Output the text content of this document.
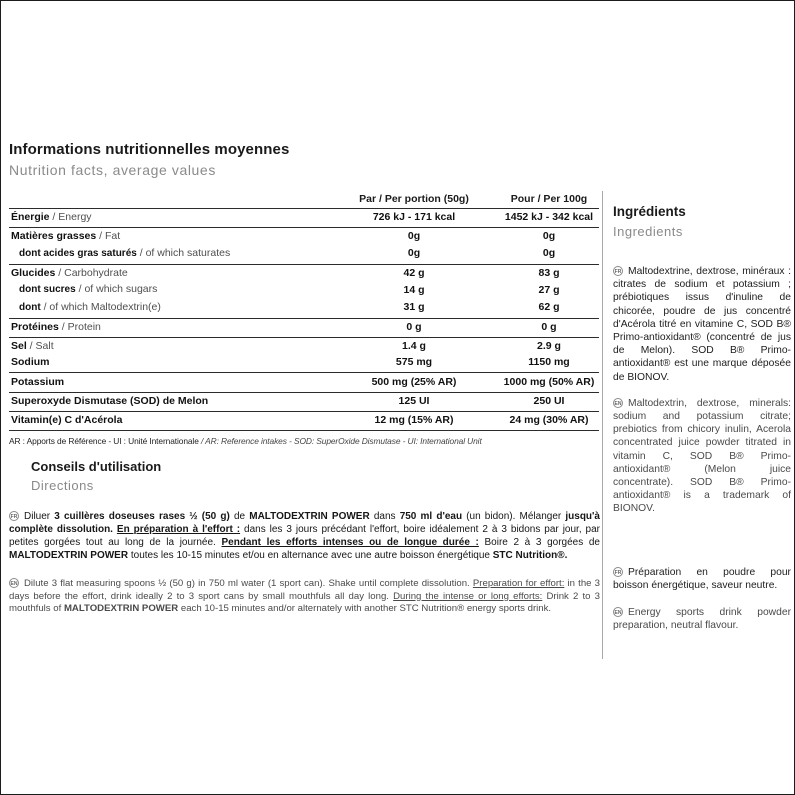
Informations nutritionnelles moyennes
Nutrition facts, average values
Par / Per portion (50g)	Pour / Per 100g
Énergie / Energy	726 kJ - 171 kcal	1452 kJ - 342 kcal
Matières grasses / Fat	0g	0g
dont acides gras saturés / of which saturates	0g	0g
Glucides / Carbohydrate	42 g	83 g
dont sucres / of which sugars	14 g	27 g
dont / of which Maltodextrin(e)	31 g	62 g
Protéines / Protein	0 g	0 g
Sel / Salt	1.4 g	2.9 g
Sodium	575 mg	1150 mg
Potassium	500 mg (25% AR)	1000 mg (50% AR)
Superoxyde Dismutase (SOD) de Melon	125 UI	250 UI
Vitamin(e) C d'Acérola	12 mg (15% AR)	24 mg (30% AR)
AR : Apports de Référence - UI : Unité Internationale / AR: Reference intakes - SOD: SuperOxide Dismutase - UI: International Unit
Conseils d'utilisation
Directions

FR Diluer 3 cuillères doseuses rases ½ (50 g) de MALTODEXTRIN POWER dans 750 ml d'eau (un bidon). Mélanger jusqu'à complète dissolution. En préparation à l'effort : dans les 3 jours précédant l'effort, boire idéalement 2 à 3 bidons par jour, par petites gorgées tout au long de la journée. Pendant les efforts intenses ou de longue durée : Boire 2 à 3 gorgées de MALTODEXTRIN POWER toutes les 10-15 minutes et/ou en alternance avec une autre boisson énergétique STC Nutrition®.

EN Dilute 3 flat measuring spoons ½ (50 g) in 750 ml water (1 sport can). Shake until complete dissolution. Preparation for effort: in the 3 days before the effort, drink ideally 2 to 3 sport cans by small mouthfuls all day long. During the intense or long efforts: Drink 2 to 3 mouthfuls of MALTODEXTRIN POWER each 10-15 minutes and/or alternately with another STC Nutrition® energy sports drink.

Ingrédients
Ingredients

FR Maltodextrine, dextrose, minéraux : citrates de sodium et potassium ; prébiotiques issus d'inuline de chicorée, poudre de jus concentré d'Acérola titré en vitamine C, SOD B® Primo-antioxidant® (concentré de jus de Melon). SOD B® Primo-antioxidant® est une marque déposée de BIONOV.

EN Maltodextrin, dextrose, minerals: sodium and potassium citrate; prebiotics from chicory inulin, Acerola concentrated juice powder titrated in vitamin C, SOD B® Primo-antioxidant® (Melon juice concentrate). SOD B® Primo-antioxidant® is a trademark of BIONOV.

FR Préparation en poudre pour boisson énergétique, saveur neutre.

EN Energy sports drink powder preparation, neutral flavour.
